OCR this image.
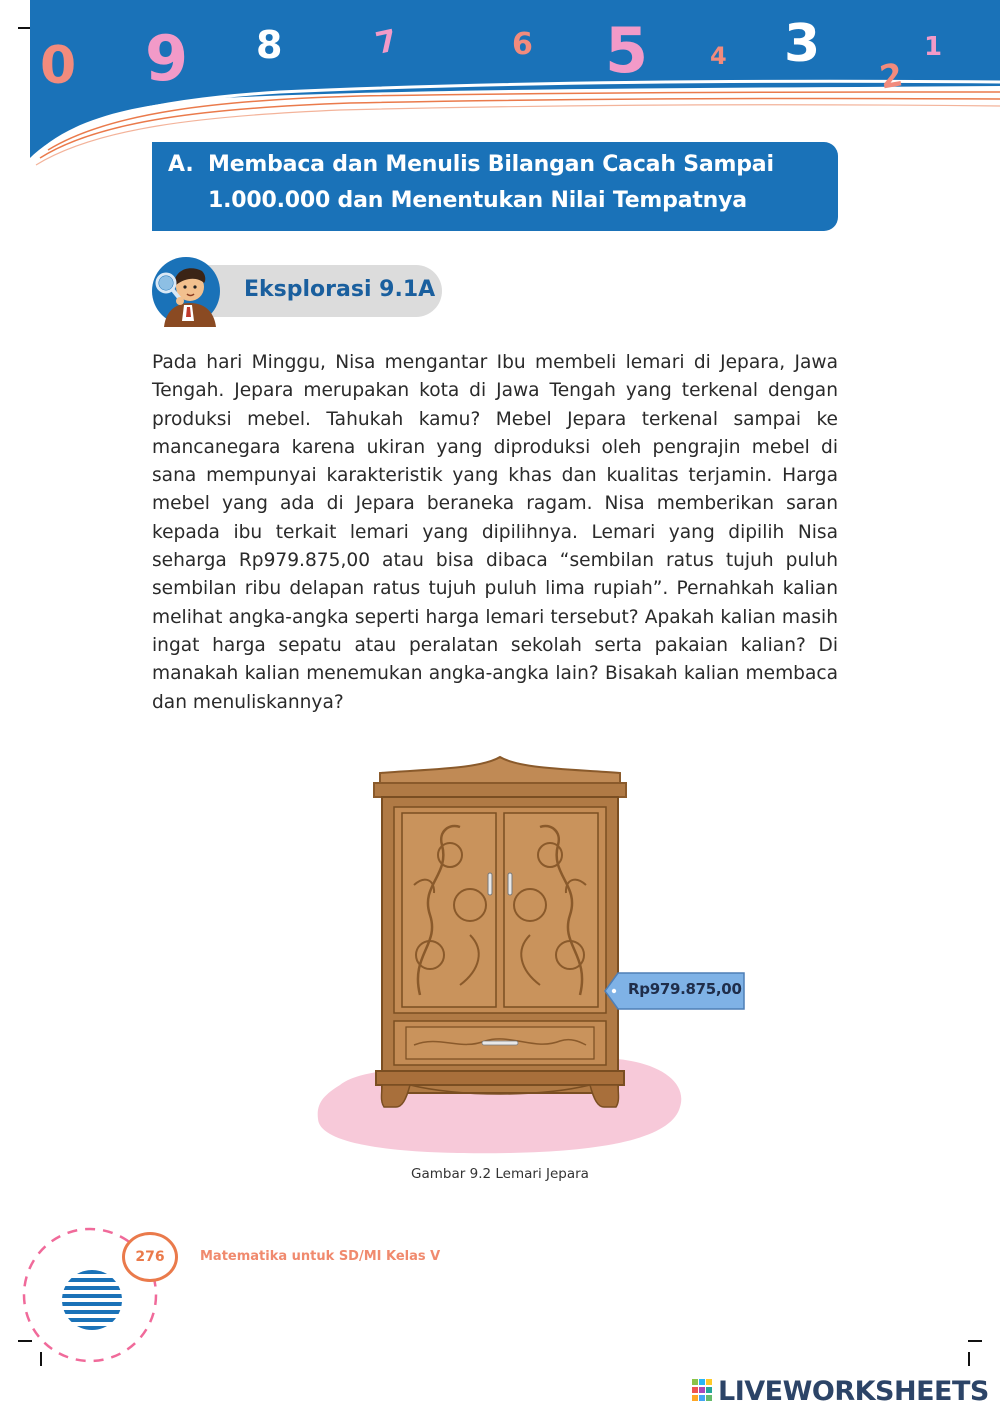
0 9 8	7	6 5	4 3
2
1
A. Membaca dan Menulis Bilangan Cacah Sampai
1.000.000 dan Menentukan Nilai Tempatnya
Eksplorasi 9.1A

Pada hari Minggu, Nisa mengantar Ibu membeli lemari di Jepara, Jawa Tengah. Jepara merupakan kota di Jawa Tengah yang terkenal dengan produksi mebel. Tahukah kamu? Mebel Jepara terkenal sampai ke mancanegara karena ukiran yang diproduksi oleh pengrajin mebel di sana mempunyai karakteristik yang khas dan kualitas terjamin. Harga mebel yang ada di Jepara beraneka ragam. Nisa memberikan saran kepada ibu terkait lemari yang dipilihnya. Lemari yang dipilih Nisa seharga Rp979.875,00 atau bisa dibaca “sembilan ratus tujuh puluh sembilan ribu delapan ratus tujuh puluh lima rupiah”. Pernahkah kalian melihat angka-angka seperti harga lemari tersebut? Apakah kalian masih ingat harga sepatu atau peralatan sekolah serta pakaian kalian? Di manakah kalian menemukan angka-angka lain? Bisakah kalian membaca dan menuliskannya?

Rp979.875,00
Gambar 9.2 Lemari Jepara
276	Matematika untuk SD/MI Kelas V
LIVEWORKSHEETS
